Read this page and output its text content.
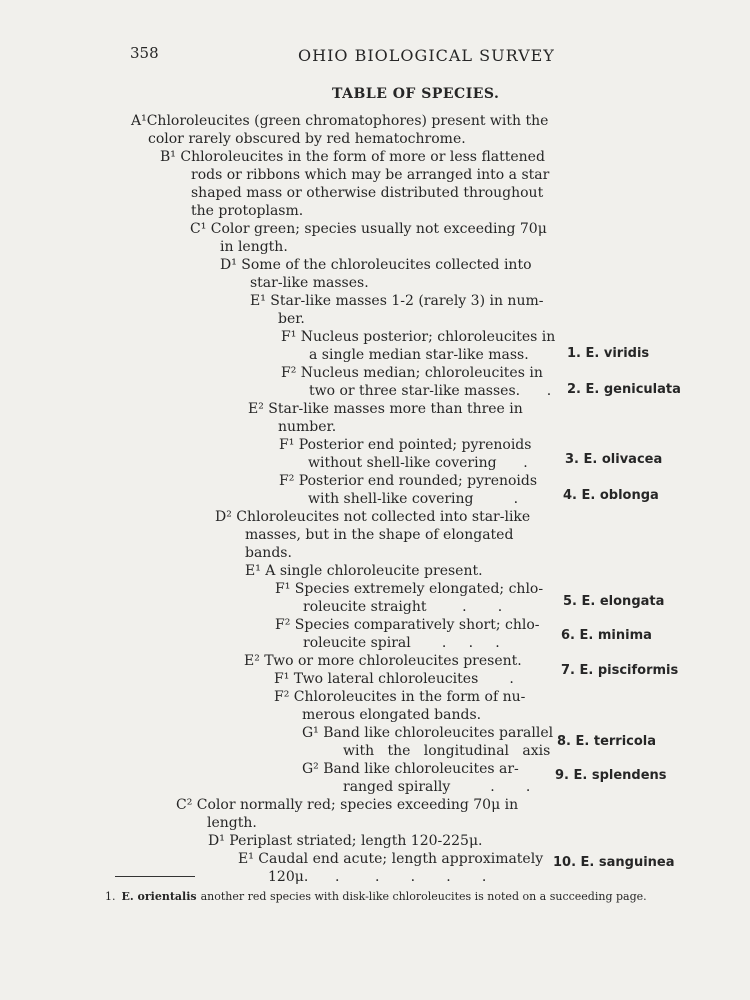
358	OHIO BIOLOGICAL SURVEY
TABLE OF SPECIES.
A¹Chloroleucites (green chromatophores) present with the
color rarely obscured by red hematochrome.
B¹ Chloroleucites in the form of more or less flattened
rods or ribbons which may be arranged into a star
shaped mass or otherwise distributed throughout
the protoplasm.
C¹ Color green; species usually not exceeding 70μ
in length.
D¹ Some of the chloroleucites collected into
star-like masses.
E¹ Star-like masses 1-2 (rarely 3) in num-
ber.
F¹ Nucleus posterior; chloroleucites in
a single median star-like mass.
F² Nucleus median; chloroleucites in
two or three star-like masses.      .
E² Star-like masses more than three in
number.
F¹ Posterior end pointed; pyrenoids
without shell-like covering      .
F² Posterior end rounded; pyrenoids
with shell-like covering         .
D² Chloroleucites not collected into star-like
masses, but in the shape of elongated
bands.
E¹ A single chloroleucite present.
F¹ Species extremely elongated; chlo-
roleucite straight        .       .
F² Species comparatively short; chlo-
roleucite spiral       .     .     .
E² Two or more chloroleucites present.
F¹ Two lateral chloroleucites       .
F² Chloroleucites in the form of nu-
merous elongated bands.
G¹ Band like chloroleucites parallel
with   the   longitudinal   axis
G² Band like chloroleucites ar-
ranged spirally         .       .
C² Color normally red; species exceeding 70μ in
length.
D¹ Periplast striated; length 120-225μ.
E¹ Caudal end acute; length approximately
120μ.      .        .       .       .       .
1. E. viridis
2. E. geniculata
3. E. olivacea
4. E. oblonga
5. E. elongata
6. E. minima
7. E. pisciformis
8. E. terricola
9. E. splendens
10. E. sanguinea
1. E. orientalis another red species with disk-like chloroleucites is noted on a succeeding page.
